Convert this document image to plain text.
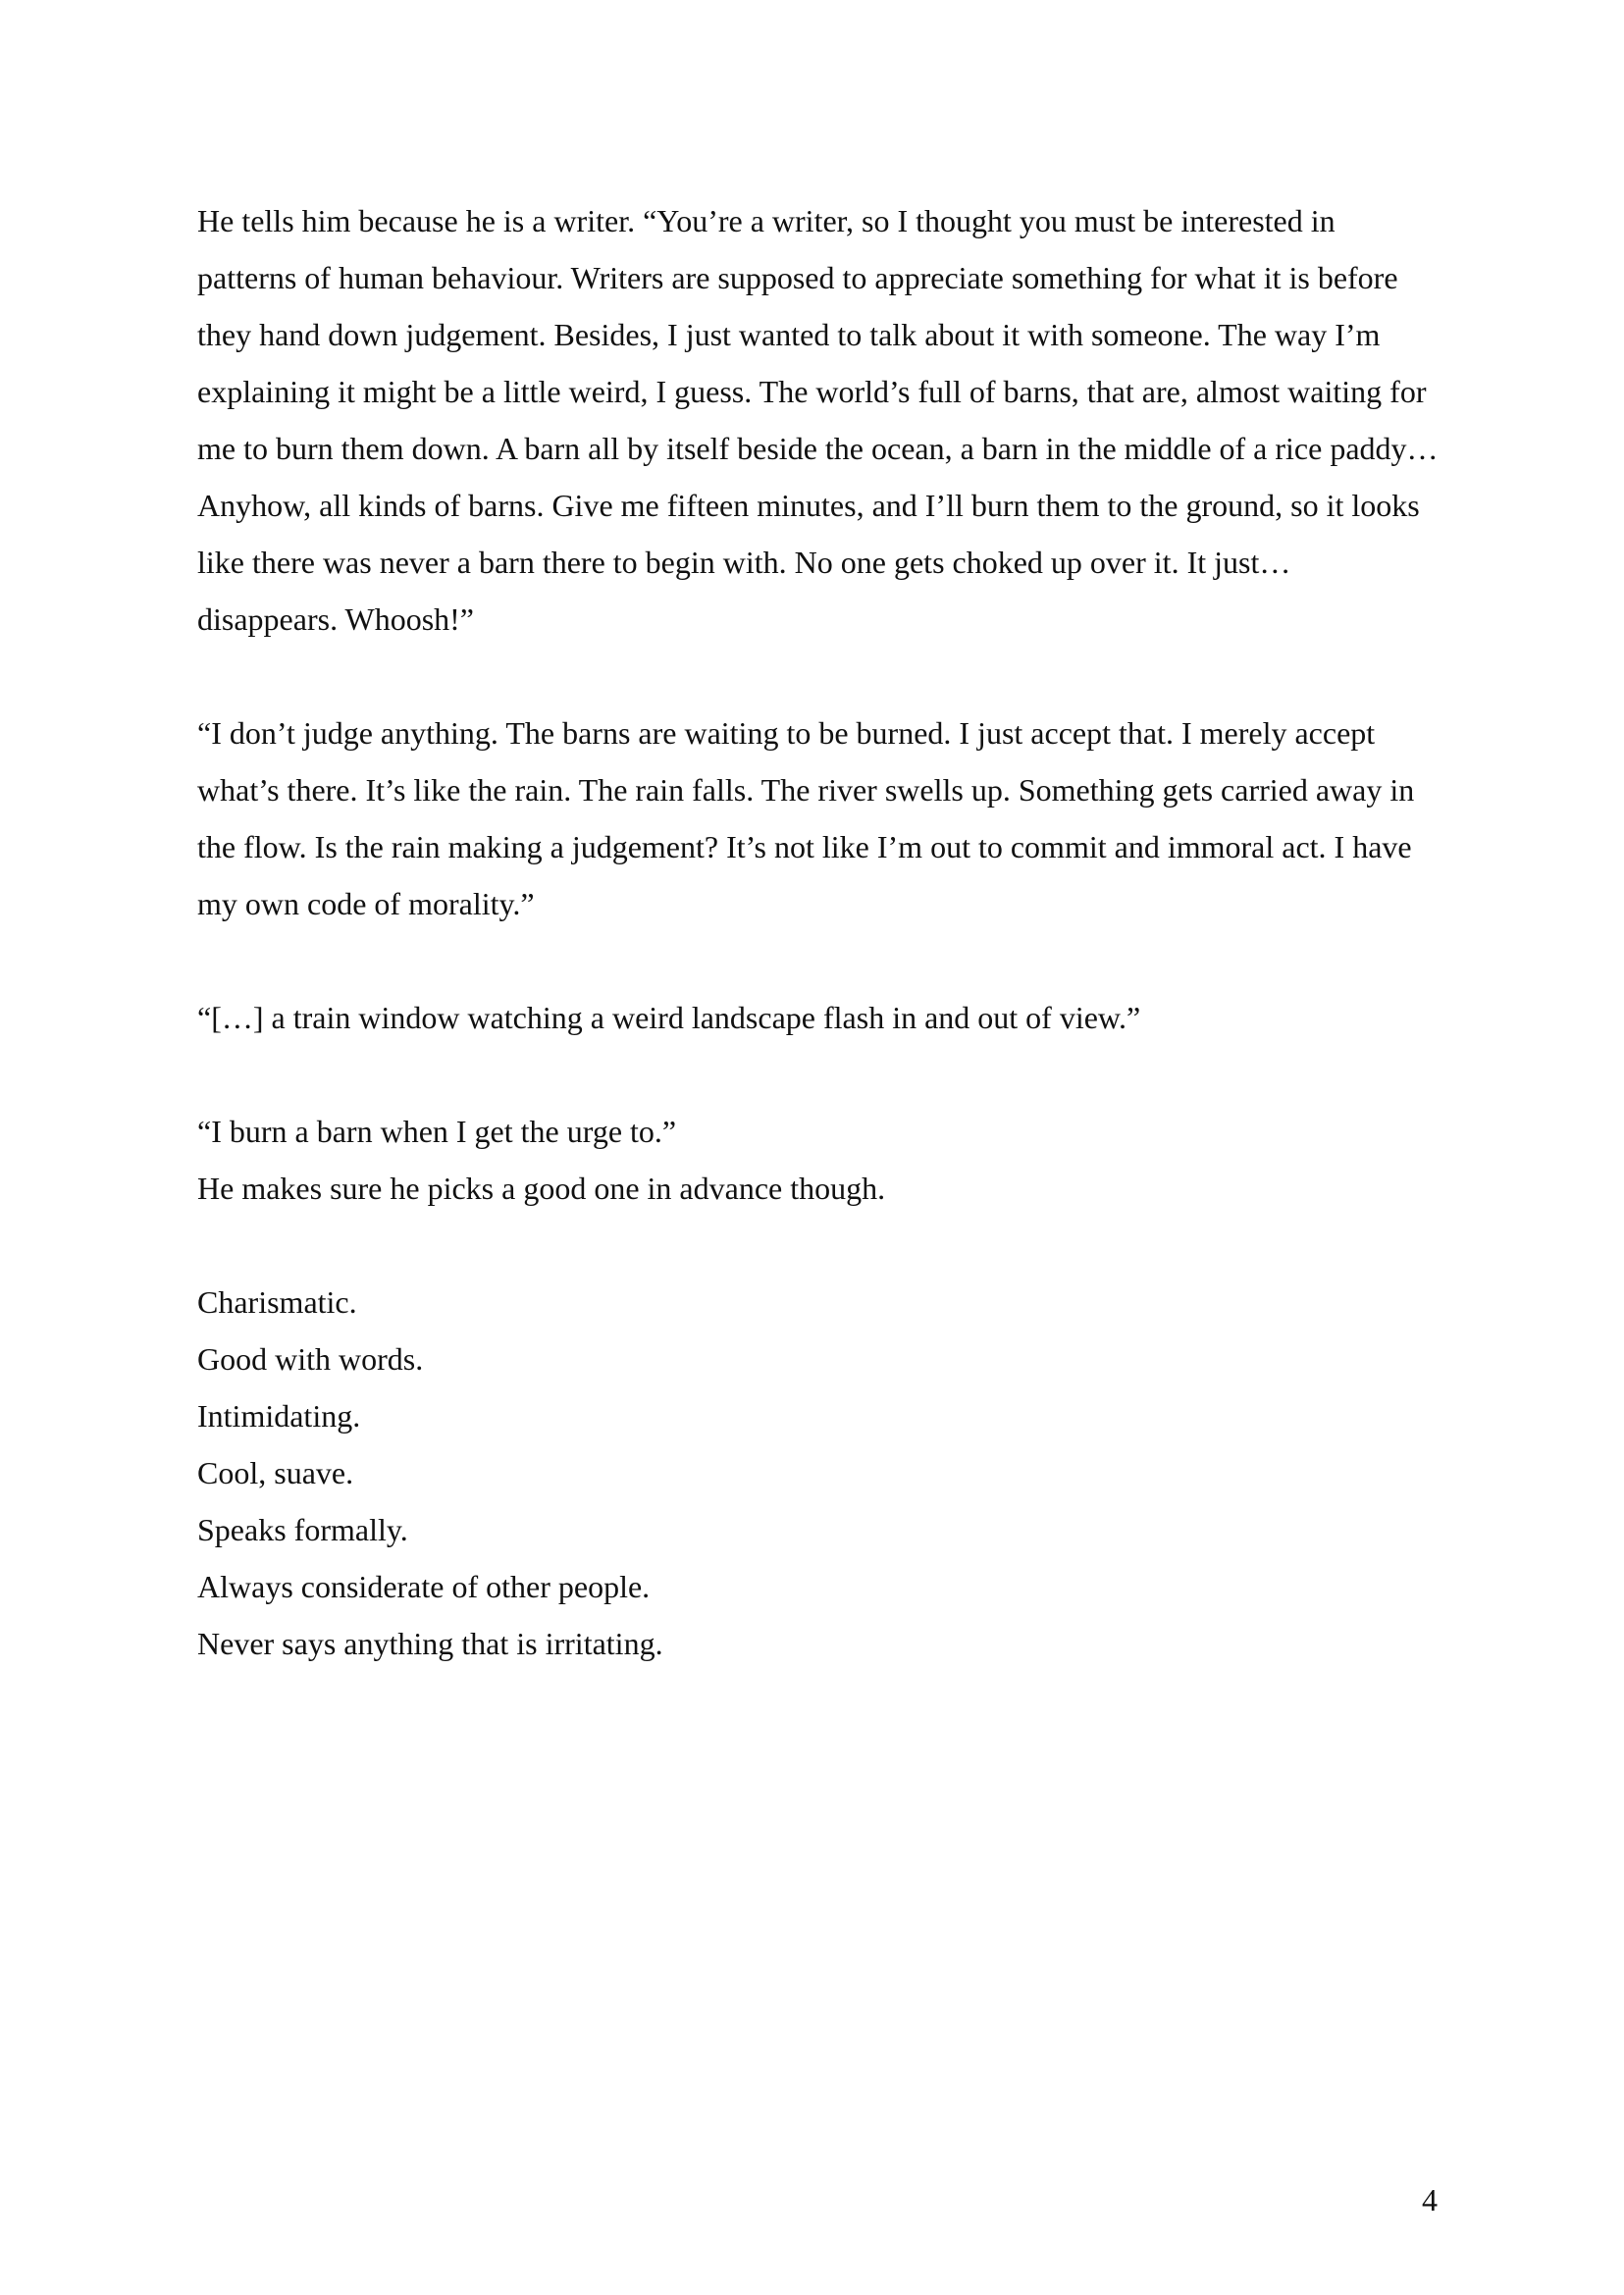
He tells him because he is a writer. “You’re a writer, so I thought you must be interested in patterns of human behaviour. Writers are supposed to appreciate something for what it is before they hand down judgement. Besides, I just wanted to talk about it with someone. The way I’m explaining it might be a little weird, I guess. The world’s full of barns, that are, almost waiting for me to burn them down. A barn all by itself beside the ocean, a barn in the middle of a rice paddy… Anyhow, all kinds of barns. Give me fifteen minutes, and I’ll burn them to the ground, so it looks like there was never a barn there to begin with. No one gets choked up over it. It just… disappears. Whoosh!”

“I don’t judge anything. The barns are waiting to be burned. I just accept that. I merely accept what’s there. It’s like the rain. The rain falls. The river swells up. Something gets carried away in the flow. Is the rain making a judgement? It’s not like I’m out to commit and immoral act. I have my own code of morality.”

“[…] a train window watching a weird landscape flash in and out of view.”

“I burn a barn when I get the urge to.”
He makes sure he picks a good one in advance though.
Charismatic.
Good with words.
Intimidating.
Cool, suave.
Speaks formally.
Always considerate of other people.
Never says anything that is irritating.
4
